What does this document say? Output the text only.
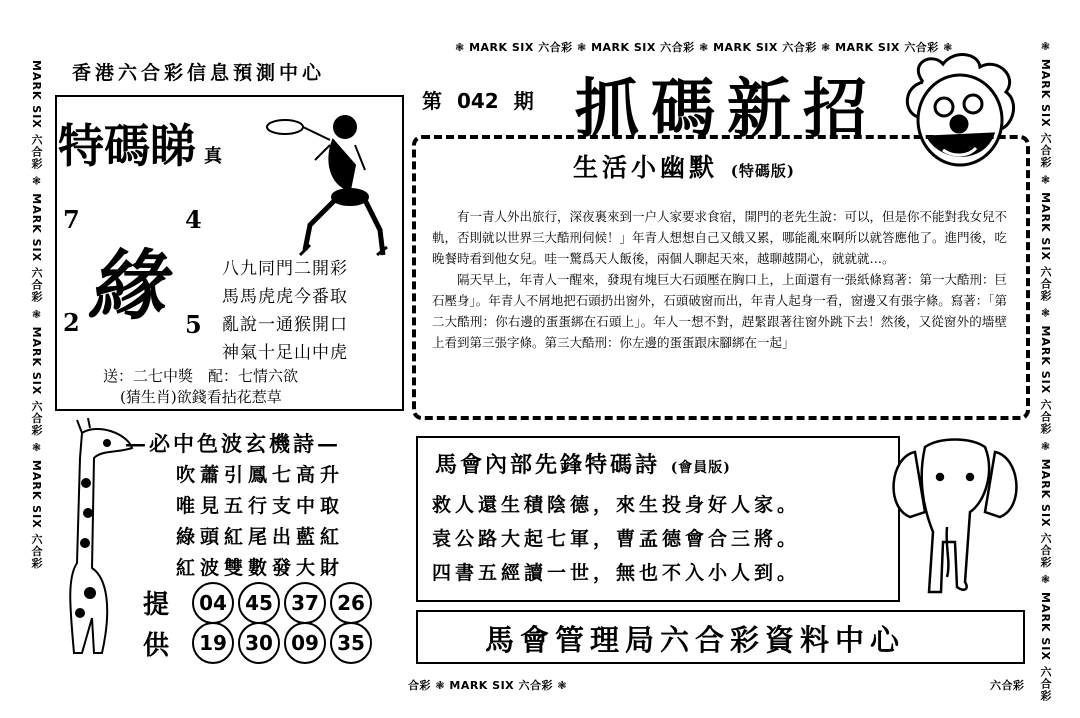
❃ MARK SIX 六合彩 ❃ MARK SIX 六合彩 ❃ MARK SIX 六合彩 ❃ MARK SIX 六合彩 ❃
MARK SIX 六合彩 ❃ MARK SIX 六合彩 ❃ MARK SIX 六合彩 ❃ MARK SIX 六合彩
❃ MARK SIX 六合彩 ❃ MARK SIX 六合彩 ❃ MARK SIX 六合彩 ❃ MARK SIX 六合彩 ❃ MARK SIX 六合彩
合彩 ❃ MARK SIX 六合彩 ❃	六合彩
香港六合彩信息預測中心
第 042 期 抓碼新招
特碼睇 真
7	4
2	5
緣	八九同門二開彩
馬馬虎虎今番取
亂說一通猴開口
神氣十足山中虎
送：二七中獎　配：七情六欲
(猜生肖)欲錢看拈花惹草
生活小幽默 (特碼版)

有一青人外出旅行，深夜裏來到一户人家要求食宿，開門的老先生說：可以，但是你不能對我女兒不軌，否則就以世界三大酷刑伺候！」年青人想想自己又餓又累，哪能亂來啊所以就答應他了。進門後，吃晚餐時看到他女兒。哇一驚爲天人飯後，兩個人聊起天來，越聊越開心，就就就…。

隔天早上，年青人一醒來，發現有塊巨大石頭壓在胸口上，上面還有一張紙條寫著：第一大酷刑：巨石壓身」。年青人不屑地把石頭扔出窗外，石頭破窗而出，年青人起身一看，窗邊又有張字條。寫著：「第二大酷刑：你右邊的蛋蛋綁在石頭上」。年人一想不對，趕緊跟著往窗外跳下去！然後，又從窗外的墻壁上看到第三張字條。第三大酷刑：你左邊的蛋蛋跟床腳綁在一起」

—必中色波玄機詩—
吹蕭引鳳七高升
唯見五行支中取
綠頭紅尾出藍紅
紅波雙數發大財
提
供
04 45 37 26
19 30 09 35
馬會內部先鋒特碼詩 (會員版)
救人還生積陰德，來生投身好人家。
袁公路大起七軍，曹孟德會合三將。
四書五經讀一世，無也不入小人到。
馬會管理局六合彩資料中心
